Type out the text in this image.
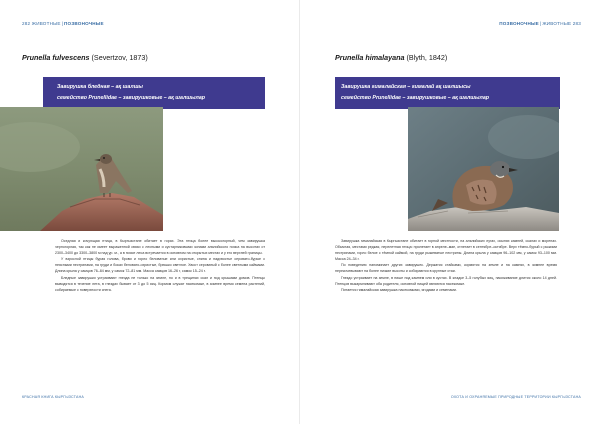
282 ЖИВОТНЫЕ|ПОЗВОНОЧНЫЕ
Prunella fulvescens (Severtzov, 1873)
Завирушка бледная – ақ шалшы
семейство Prunellidae – завирушковые – ақ шалшылар

Оседлая и кочующая птица, в Кыргызстане обитает в горах. Эта птица более высокогорный, чем завирушка черногорлая, так как не имеет выраженной связи с лесными и кустарниковыми зонами альпийского пояса на высотах от 2300–3400 до 3300–3800 м над ур. м., а в поясе леса встречается в основном на открытых местах и у его верхней границы.

У взрослой птицы бурая голова, брови и горло беловатые или охристые, спина и надхвостье серовато-бурые с неясными пестринами, на груди и боках беловато-охристые, брюшко светлое. Хвост сероватый с более светлыми каймами. Длина крыла у самцов 76–84 мм, у самок 72–81 мм. Масса самцов 16–26 г, самок 15–24 г.

Бледные завирушки устраивают гнезда не только на земле, но и в трещинах скал и под крышами домов. Птенцы выводятся в течение лета, в гнездах бывает от 3 до 5 яиц. Кормом служат насекомые, в зимнее время семена растений, собираемые с поверхности снега.

КРАСНАЯ КНИГА КЫРГЫЗСТАНА
ПОЗВОНОЧНЫЕ|ЖИВОТНЫЕ 283
Prunella himalayana (Blyth, 1842)
Завирушка гималайская – гималай ақ шалшысы
семейство Prunellidae – завирушковые – ақ шалшылар

Завирушка гималайская в Кыргызстане обитает в горной местности, на альпийских лугах, осыпях камней, скалах и моренах. Обычная, местами редкая, перелетная птица: прилетает в апреле–мае, отлетает в сентябре–октябре. Верх тёмно-бурый с рыжими пестринами, горло белое с тёмной каймой, на груди рыжеватые пестрины. Длина крыла у самцов 96–102 мм, у самок 93–100 мм. Масса 24–34 г.

По поведению напоминает других завирушек. Держатся стайками, кормятся на земле и на камнях, в зимнее время перекочевывают на более низкие высоты и собираются в крупные стаи.

Гнездо устраивает на земле, в нише под камнем или в кустах. В кладке 3–5 голубых яиц, насиживание длится около 14 дней. Птенцов выкармливают оба родителя, основной пищей являются насекомые.

Питается гималайская завирушка насекомыми, ягодами и семенами.

ОХОТА И ОХРАНЯЕМЫЕ ПРИРОДНЫЕ ТЕРРИТОРИИ КЫРГЫЗСТАНА
